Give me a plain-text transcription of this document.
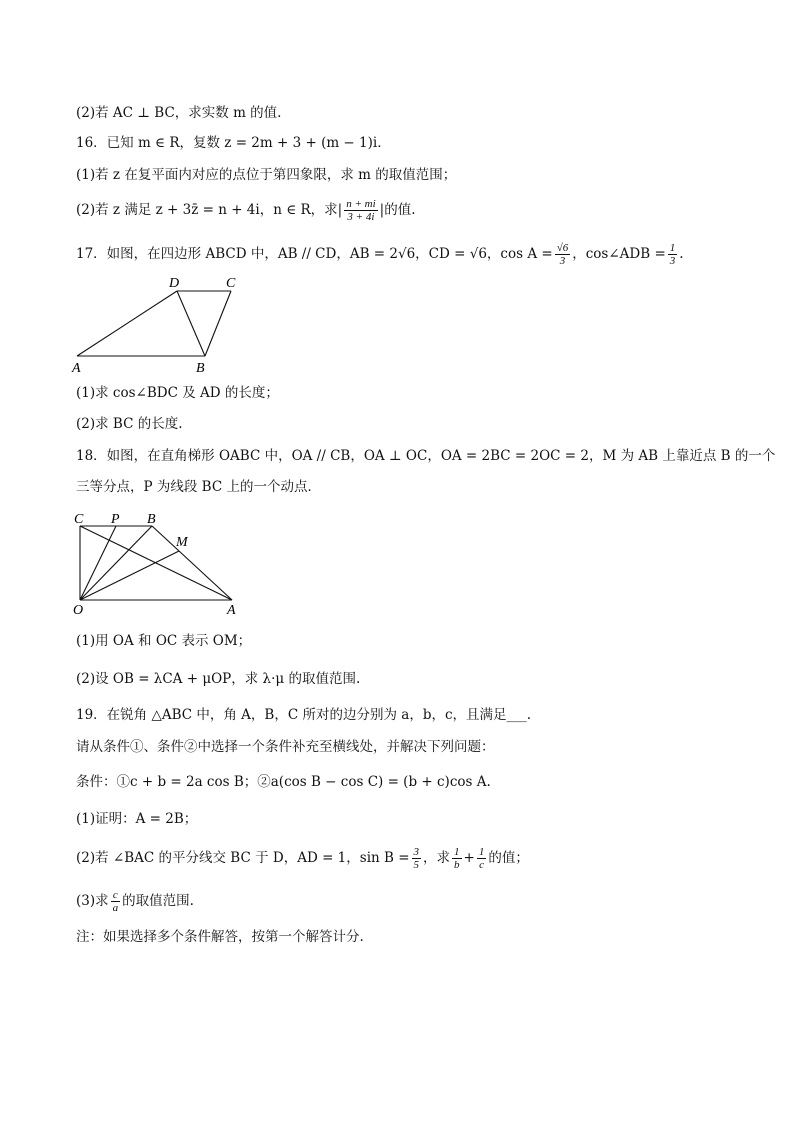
(2)若 AC ⊥ BC，求实数 m 的值.
16．已知 m ∈ R，复数 z = 2m + 3 + (m − 1)i．
(1)若 z 在复平面内对应的点位于第四象限，求 m 的取值范围；
(2)若 z 满足 z + 3z̄ = n + 4i，n ∈ R，求| $\frac{n + mi}{3 + 4i}$ |的值.
17．如图，在四边形 ABCD 中，AB // CD，AB = 2√6，CD = √6，$\cos A = \frac{√6}{3}$ ，cos∠ADB = $\frac{1}{3}$ .
D	C
A	B
(1)求 cos∠BDC 及 AD 的长度；
(2)求 BC 的长度.
18．如图，在直角梯形 OABC 中，OA // CB，OA ⊥ OC，OA = 2BC = 2OC = 2，M 为 AB 上靠近点 B 的一个
三等分点，P 为线段 BC 上的一个动点．
C P B
M
O	A
(1)用 OA 和 OC 表示 OM；
(2)设 OB = λCA + μOP，求 λ·μ 的取值范围.
19．在锐角 △ABC 中，角 A，B，C 所对的边分别为 a，b，c，且满足___.
请从条件①、条件②中选择一个条件补充至横线处，并解决下列问题：
条件：①c + b = 2a cos B；②a(cos B − cos C) = (b + c)cos A.
(1)证明：A = 2B；
(2)若 ∠BAC 的平分线交 BC 于 D，AD = 1，$\sin B = \frac{3}{5}$ ，求 $\frac{1}{b} + \frac{1}{c}$ 的值；
(3)求 $\frac{c}{a}$ 的取值范围.
注：如果选择多个条件解答，按第一个解答计分.
